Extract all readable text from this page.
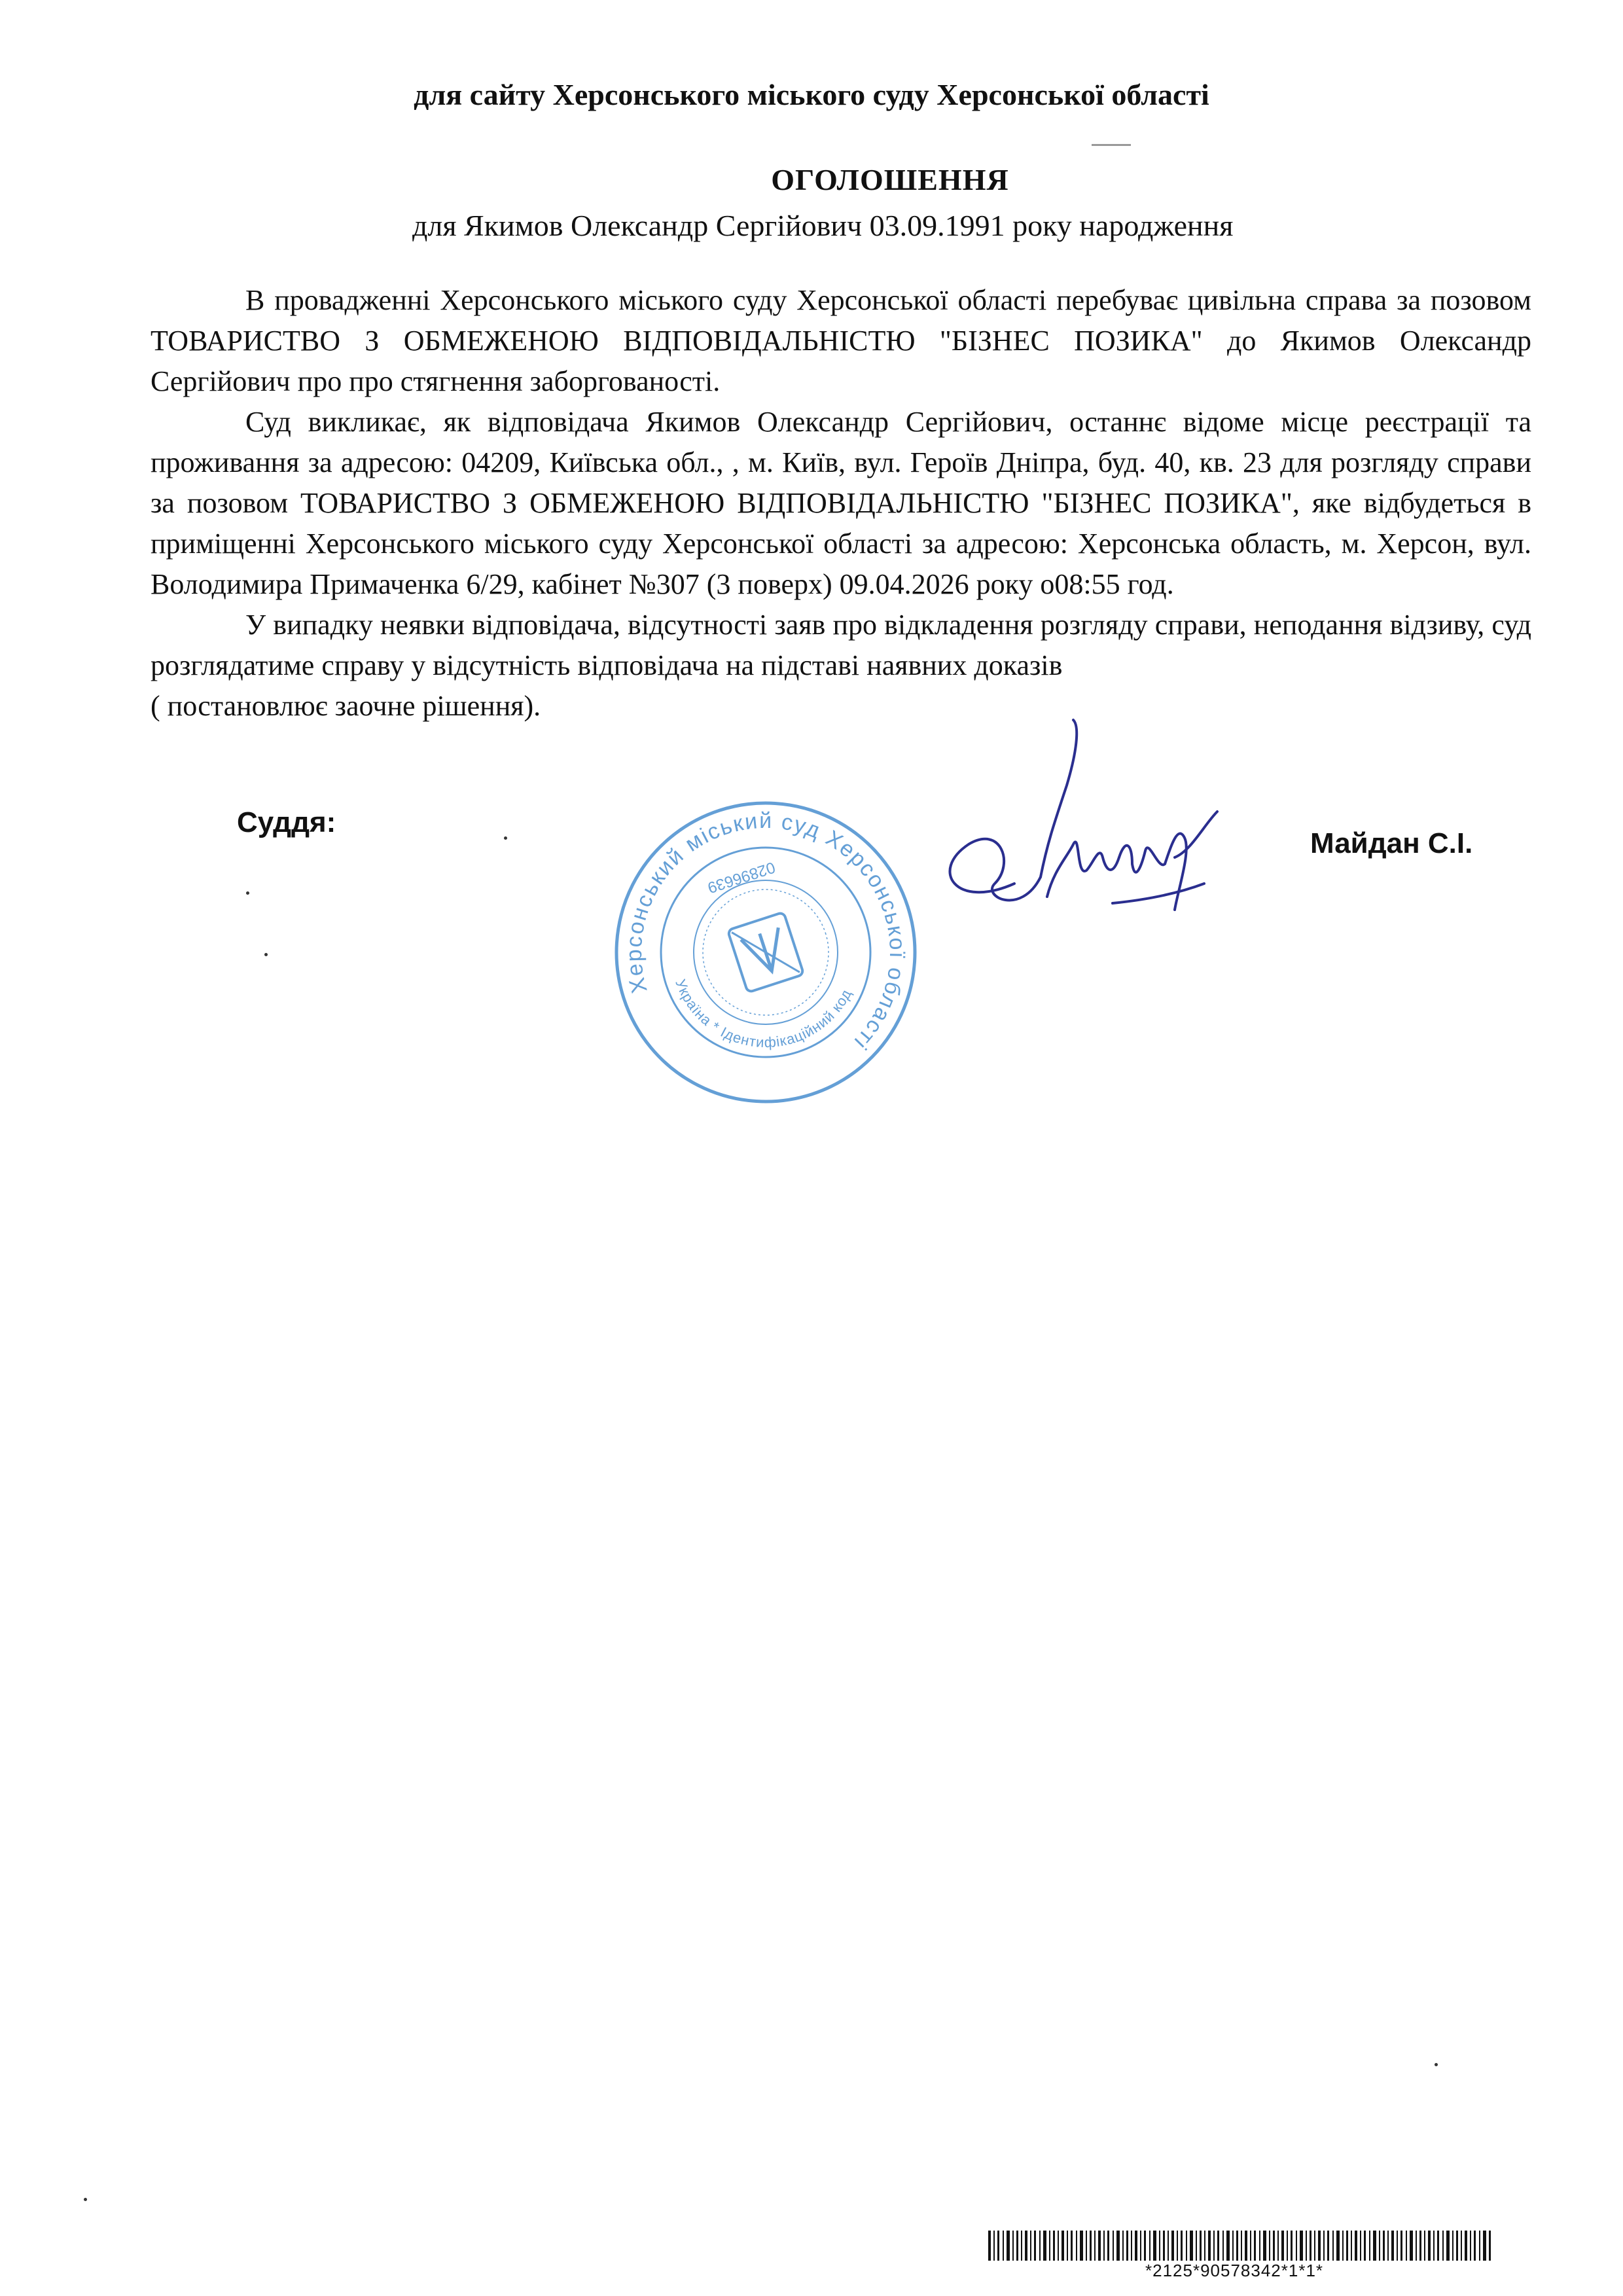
для сайту Херсонського міського суду Херсонської області
ОГОЛОШЕННЯ
для Якимов Олександр Сергійович 03.09.1991 року народження

В провадженні Херсонського міського суду Херсонської області перебуває цивільна справа за позовом ТОВАРИСТВО З ОБМЕЖЕНОЮ ВІДПОВІДАЛЬНІСТЮ "БІЗНЕС ПОЗИКА" до Якимов Олександр Сергійович про про стягнення заборгованості.

Суд викликає, як відповідача Якимов Олександр Сергійович, останнє відоме місце реєстрації та проживання за адресою: 04209, Київська обл., , м. Київ, вул. Героїв Дніпра, буд. 40, кв. 23 для розгляду справи за позовом ТОВАРИСТВО З ОБМЕЖЕНОЮ ВІДПОВІДАЛЬНІСТЮ "БІЗНЕС ПОЗИКА", яке відбудеться в приміщенні Херсонського міського суду Херсонської області за адресою: Херсонська область, м. Херсон, вул. Володимира Примаченка 6/29, кабінет №307 (3 поверх) 09.04.2026 року о08:55 год.

У випадку неявки відповідача, відсутності заяв про відкладення розгляду справи, неподання відзиву, суд розглядатиме справу у відсутність відповідача на підставі наявних доказів

( постановлює заочне рішення).

Суддя:
Херсонський міський суд Херсонської області
Україна * Ідентифікаційний код
02896639
Майдан С.І.
*2125*90578342*1*1*
